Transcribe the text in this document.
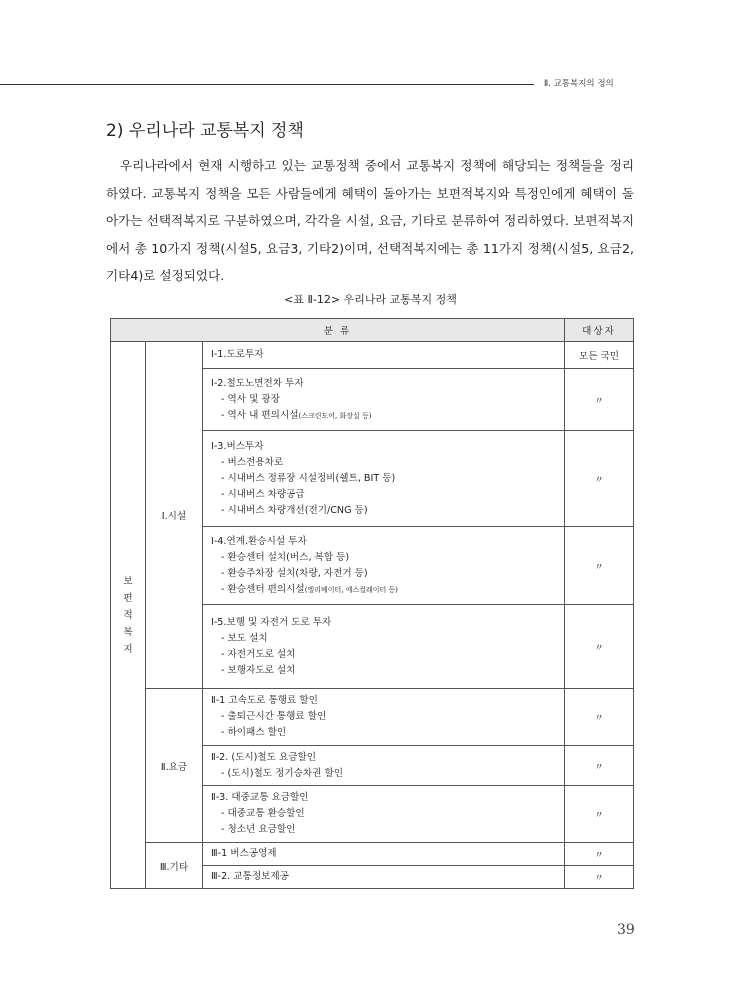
Ⅱ. 교통복지의 정의
2) 우리나라 교통복지 정책

우리나라에서 현재 시행하고 있는 교통정책 중에서 교통복지 정책에 해당되는 정책들을 정리하였다. 교통복지 정책을 모든 사람들에게 혜택이 돌아가는 보편적복지와 특정인에게 혜택이 돌아가는 선택적복지로 구분하였으며, 각각을 시설, 요금, 기타로 분류하여 정리하였다. 보편적복지에서 총 10가지 정책(시설5, 요금3, 기타2)이며, 선택적복지에는 총 11가지 정책(시설5, 요금2, 기타4)로 설정되었다.

<표 Ⅱ-12> 우리나라 교통복지 정책
분 류			대상자

보편적복지	Ⅰ.시설	Ⅰ-1.도로투자	모든 국민

		Ⅰ-2.철도노면전차 투자
- 역사 및 광장
- 역사 내 편의시설(스크린도어, 화장실 등)	〃

		Ⅰ-3.버스투자
- 버스전용차로
- 시내버스 정류장 시설정비(쉘트, BIT 등)
- 시내버스 차량공급
- 시내버스 차량개선(전기/CNG 등)	〃

		Ⅰ-4.연계.환승시설 투자
- 환승센터 설치(버스, 복합 등)
- 환승주차장 설치(차량, 자전거 등)
- 환승센터 편의시설(엘리베이터, 에스컬레이터 등)	〃

		Ⅰ-5.보행 및 자전거 도로 투자
- 보도 설치
- 자전거도로 설치
- 보행자도로 설치	〃
	Ⅱ.요금	Ⅱ-1 고속도로 통행료 할인
- 출퇴근시간 통행료 할인
- 하이패스 할인	〃

		Ⅱ-2. (도시)철도 요금할인
- (도시)철도 정기승차권 할인	〃

		Ⅱ-3. 대중교통 요금할인
- 대중교통 환승할인
- 청소년 요금할인	〃
	Ⅲ.기타	Ⅲ-1 버스공영제	〃

		Ⅲ-2. 교통정보제공	〃
39
